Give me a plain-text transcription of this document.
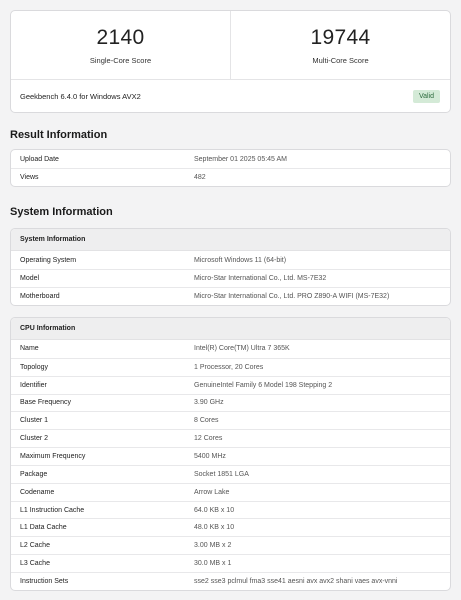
2140
Single-Core Score
19744
Multi-Core Score
Geekbench 6.4.0 for Windows AVX2	Valid
Result Information
Upload Date	September 01 2025 05:45 AM
Views	482
System Information
System Information
Operating System	Microsoft Windows 11 (64-bit)
Model	Micro-Star International Co., Ltd. MS-7E32
Motherboard	Micro-Star International Co., Ltd. PRO Z890-A WIFI (MS-7E32)
CPU Information
Name	Intel(R) Core(TM) Ultra 7 365K
Topology	1 Processor, 20 Cores
Identifier	GenuineIntel Family 6 Model 198 Stepping 2
Base Frequency	3.90 GHz
Cluster 1	8 Cores
Cluster 2	12 Cores
Maximum Frequency	5400 MHz
Package	Socket 1851 LGA
Codename	Arrow Lake
L1 Instruction Cache	64.0 KB x 10
L1 Data Cache	48.0 KB x 10
L2 Cache	3.00 MB x 2
L3 Cache	30.0 MB x 1
Instruction Sets	sse2 sse3 pclmul fma3 sse41 aesni avx avx2 shani vaes avx-vnni
